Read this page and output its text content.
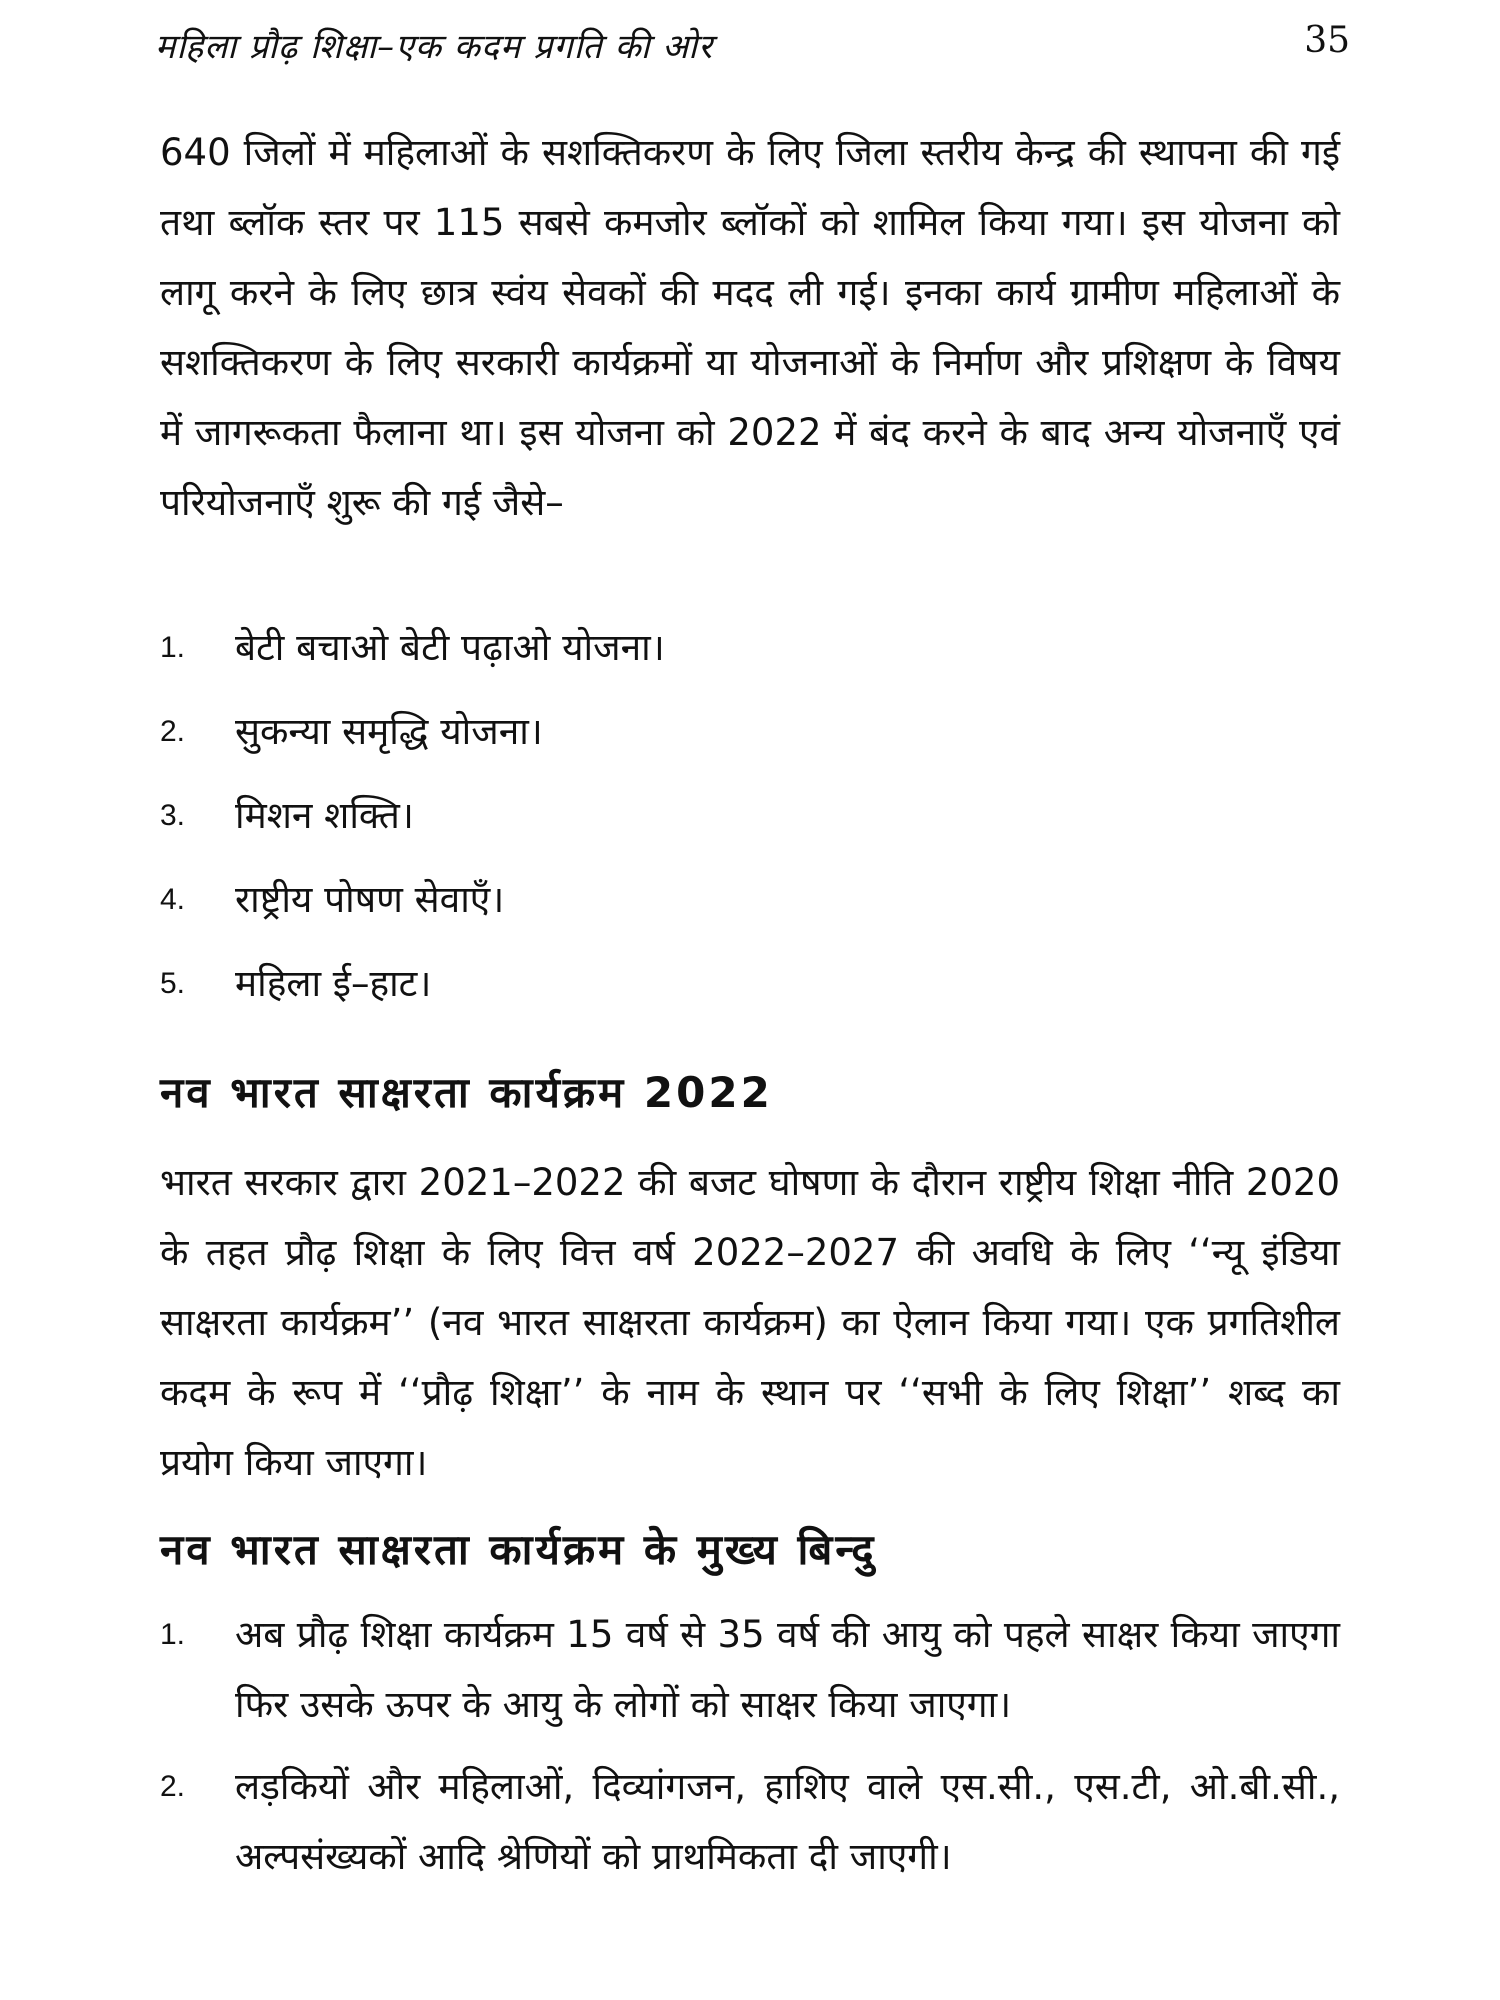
महिला प्रौढ़ शिक्षा–एक कदम प्रगति की ओर	35

640 जिलों में महिलाओं के सशक्तिकरण के लिए जिला स्तरीय केन्द्र की स्थापना की गई तथा ब्लॉक स्तर पर 115 सबसे कमजोर ब्लॉकों को शामिल किया गया। इस योजना को लागू करने के लिए छात्र स्वंय सेवकों की मदद ली गई। इनका कार्य ग्रामीण महिलाओं के सशक्तिकरण के लिए सरकारी कार्यक्रमों या योजनाओं के निर्माण और प्रशिक्षण के विषय में जागरूकता फैलाना था। इस योजना को 2022 में बंद करने के बाद अन्य योजनाएँ एवं परियोजनाएँ शुरू की गई जैसे–

1.	बेटी बचाओ बेटी पढ़ाओ योजना।
2.	सुकन्या समृद्धि योजना।
3.	मिशन शक्ति।
4.	राष्ट्रीय पोषण सेवाएँ।
5.	महिला ई–हाट।
नव भारत साक्षरता कार्यक्रम 2022

भारत सरकार द्वारा 2021–2022 की बजट घोषणा के दौरान राष्ट्रीय शिक्षा नीति 2020 के तहत प्रौढ़ शिक्षा के लिए वित्त वर्ष 2022–2027 की अवधि के लिए ‘‘न्यू इंडिया साक्षरता कार्यक्रम’’ (नव भारत साक्षरता कार्यक्रम) का ऐलान किया गया। एक प्रगतिशील कदम के रूप में ‘‘प्रौढ़ शिक्षा’’ के नाम के स्थान पर ‘‘सभी के लिए शिक्षा’’ शब्द का प्रयोग किया जाएगा।

नव भारत साक्षरता कार्यक्रम के मुख्य बिन्दु
1.	अब प्रौढ़ शिक्षा कार्यक्रम 15 वर्ष से 35 वर्ष की आयु को पहले साक्षर किया जाएगा फिर उसके ऊपर के आयु के लोगों को साक्षर किया जाएगा।
2.	लड़कियों और महिलाओं, दिव्यांगजन, हाशिए वाले एस.सी., एस.टी, ओ.बी.सी., अल्पसंख्यकों आदि श्रेणियों को प्राथमिकता दी जाएगी।
